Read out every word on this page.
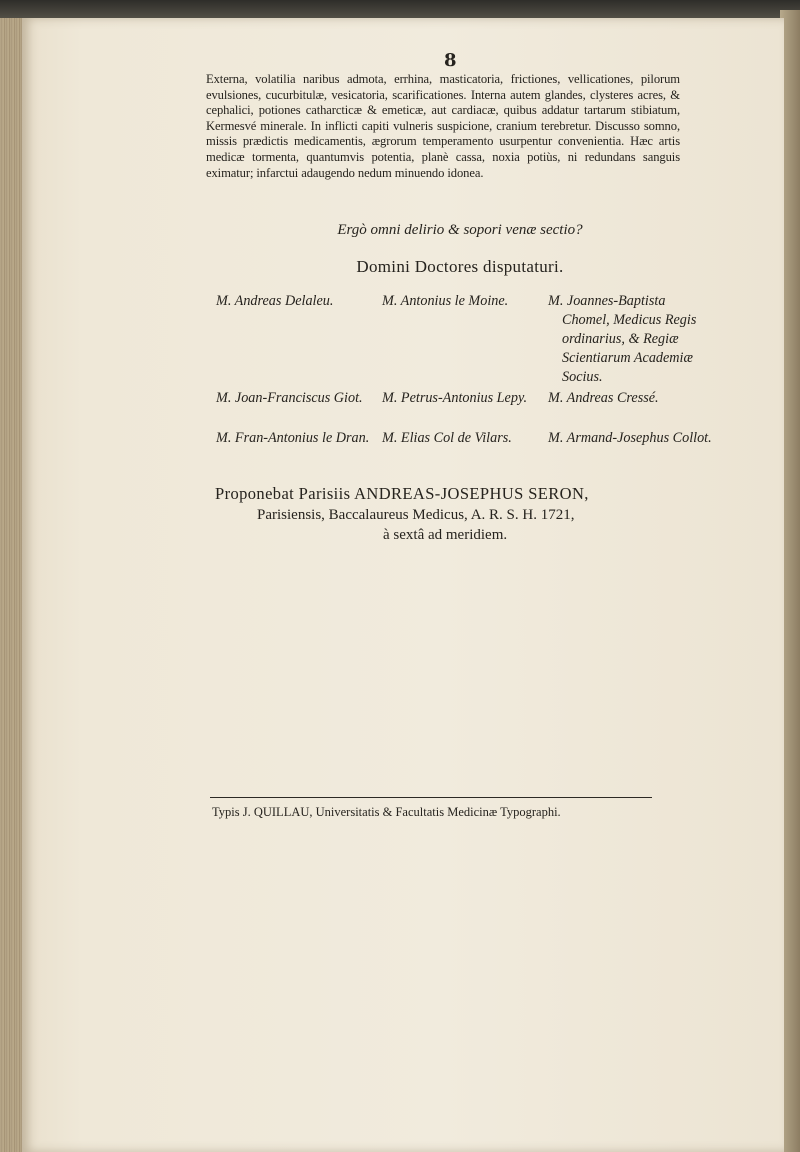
8
Externa, volatilia naribus admota, errhina, masticatoria, frictiones, vellicationes, pilorum evulsiones, cucurbitulæ, vesicatoria, scarificationes. Interna autem glandes, clysteres acres, & cephalici, potiones catharcticæ & emeticæ, aut cardiacæ, quibus addatur tartarum stibiatum, Kermesvé minerale. In inflicti capiti vulneris suspicione, cranium terebretur. Discusso somno, missis prædictis medicamentis, ægrorum temperamento usurpentur convenientia. Hæc artis medicæ tormenta, quantumvis potentia, planè cassa, noxia potiùs, ni redundans sanguis eximatur; infarctui adaugendo nedum minuendo idonea.
Ergò omni delirio & sopori venæ sectio?
Domini Doctores disputaturi.
M. Andreas Delaleu.	M. Antonius le Moine.	M. Joannes-Baptista Chomel, Medicus Regis ordinarius, & Regiæ Scientiarum Academiæ Socius.
M. Joan-Franciscus Giot.	M. Petrus-Antonius Lepy.	M. Andreas Cressé.
M. Fran-Antonius le Dran. M. Elias Col de Vilars.	M. Armand-Josephus Collot.
Proponebat Parisiis ANDREAS-JOSEPHUS SERON,
Parisiensis, Baccalaureus Medicus, A. R. S. H. 1721,
à sextâ ad meridiem.
Typis J. QUILLAU, Universitatis & Facultatis Medicinæ Typographi.
